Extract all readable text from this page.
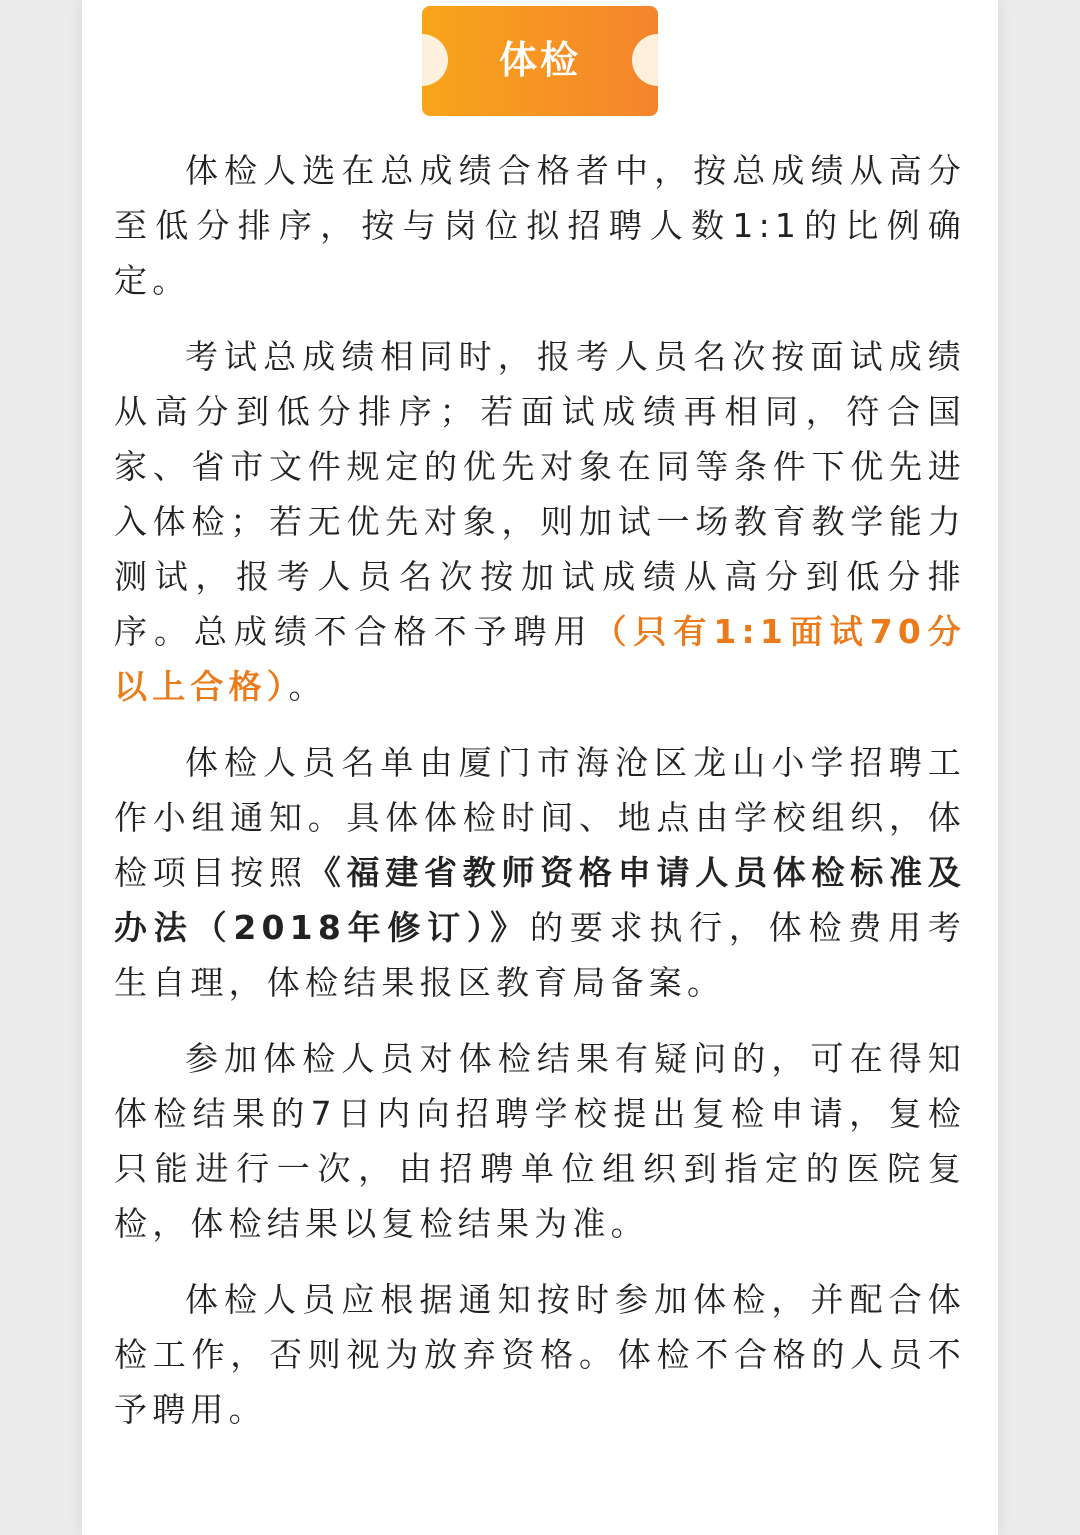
体检

体检人选在总成绩合格者中，按总成绩从高分至低分排序，按与岗位拟招聘人数1:1的比例确定。

考试总成绩相同时，报考人员名次按面试成绩从高分到低分排序；若面试成绩再相同，符合国家、省市文件规定的优先对象在同等条件下优先进入体检；若无优先对象，则加试一场教育教学能力测试，报考人员名次按加试成绩从高分到低分排序。总成绩不合格不予聘用（只有1:1面试70分以上合格）。

体检人员名单由厦门市海沧区龙山小学招聘工作小组通知。具体体检时间、地点由学校组织，体检项目按照《福建省教师资格申请人员体检标准及办法（2018年修订）》的要求执行，体检费用考生自理，体检结果报区教育局备案。

参加体检人员对体检结果有疑问的，可在得知体检结果的7日内向招聘学校提出复检申请，复检只能进行一次，由招聘单位组织到指定的医院复检，体检结果以复检结果为准。

体检人员应根据通知按时参加体检，并配合体检工作，否则视为放弃资格。体检不合格的人员不予聘用。
